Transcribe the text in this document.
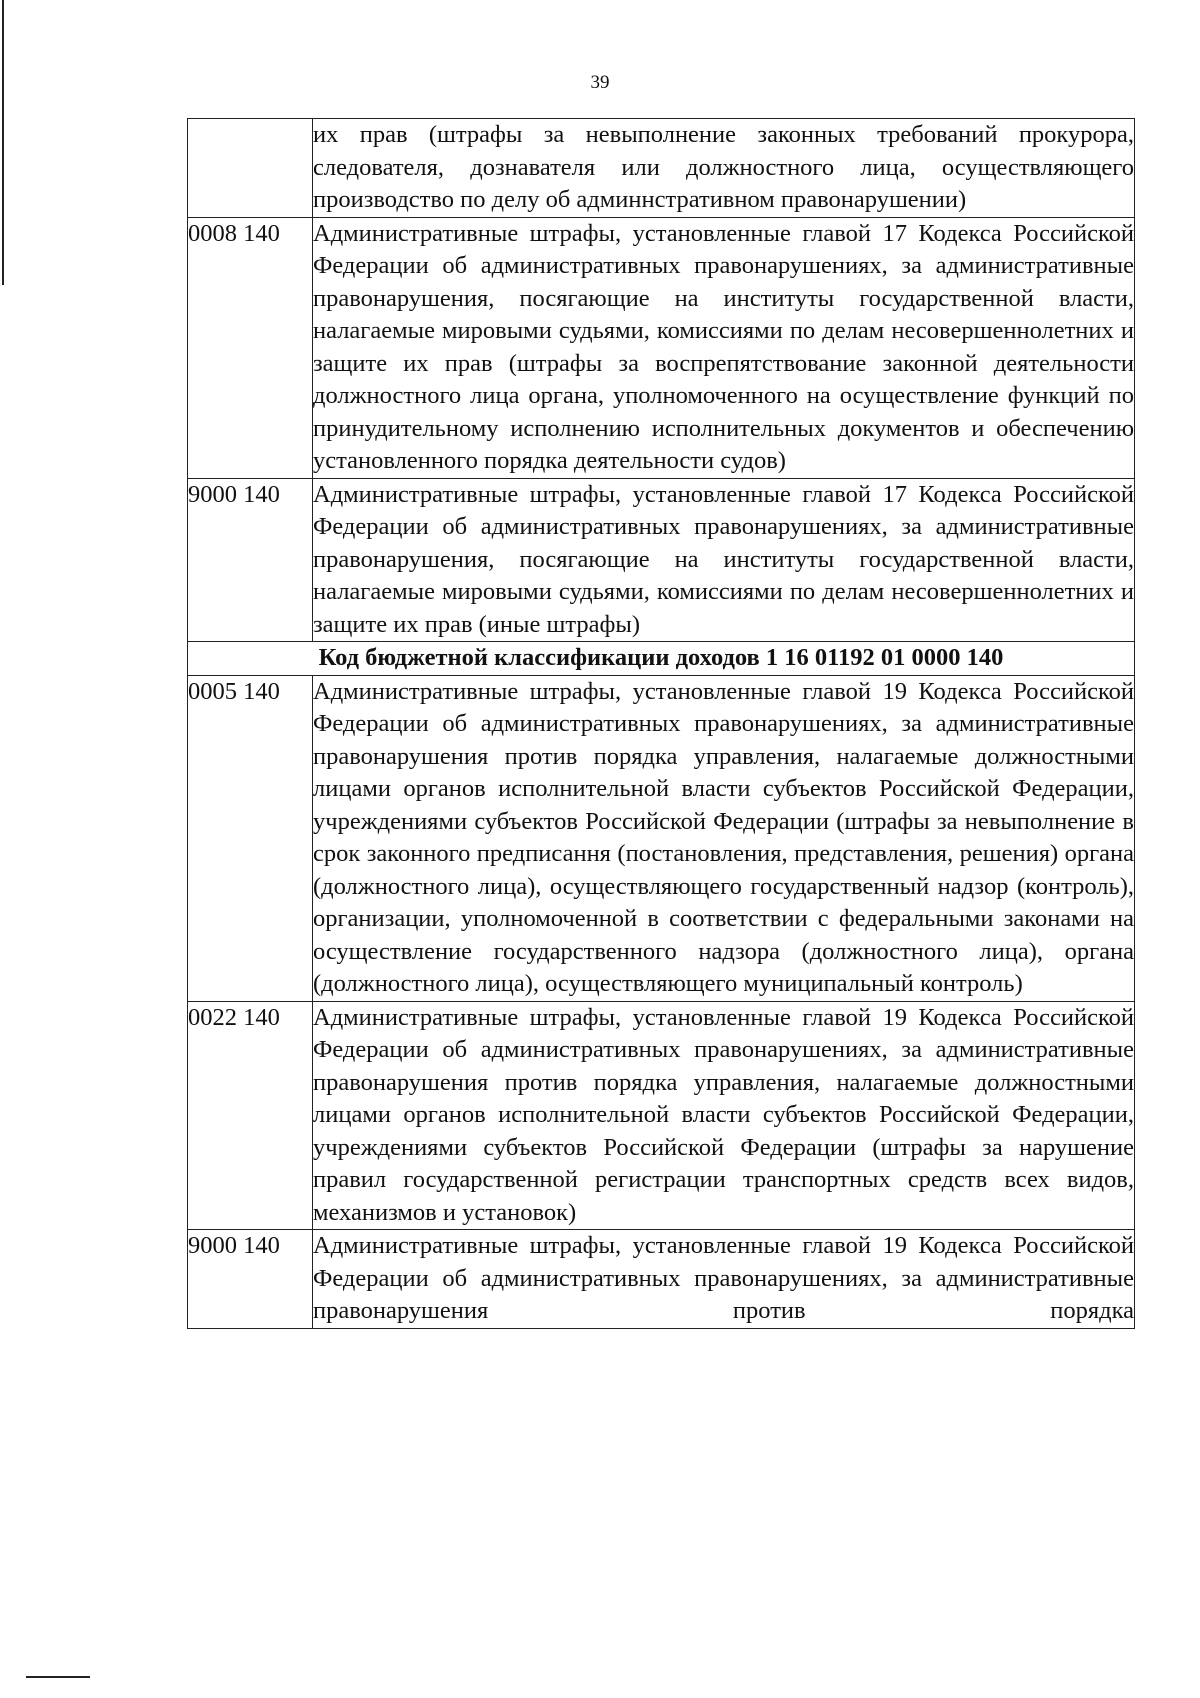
39
	их прав (штрафы за невыполнение законных требований прокурора, следователя, дознавателя или должностного лица, осуществляющего производство по делу об админнстративном правонарушении)
0008 140	Административные штрафы, установленные главой 17 Кодекса Российской Федерации об административных правонарушениях, за административные правонарушения, посягающие на институты государственной власти, налагаемые мировыми судьями, комиссиями по делам несовершеннолетних и защите их прав (штрафы за воспрепятствование законной деятельности должностного лица органа, уполномоченного на осуществление функций по принудительному исполнению исполнительных документов и обеспечению установленного порядка деятельности судов)
9000 140	Административные штрафы, установленные главой 17 Кодекса Российской Федерации об административных правонарушениях, за административные правонарушения, посягающие на институты государственной власти, налагаемые мировыми судьями, комиссиями по делам несовершеннолетних и защите их прав (иные штрафы)
Код бюджетной классификации доходов 1 16 01192 01 0000 140	
0005 140	Административные штрафы, установленные главой 19 Кодекса Российской Федерации об административных правонарушениях, за административные правонарушения против порядка управления, налагаемые должностными лицами органов исполнительной власти субъектов Российской Федерации, учреждениями субъектов Российской Федерации (штрафы за невыполнение в срок законного предписання (постановления, представления, решения) органа (должностного лица), осуществляющего государственный надзор (контроль), организации, уполномоченной в соответствии с федеральными законами на осуществление государственного надзора (должностного лица), органа (должностного лица), осуществляющего муниципальный контроль)
0022 140	Административные штрафы, установленные главой 19 Кодекса Российской Федерации об административных правонарушениях, за административные правонарушения против порядка управления, налагаемые должностными лицами органов исполнительной власти субъектов Российской Федерации, учреждениями субъектов Российской Федерации (штрафы за нарушение правил государственной регистрации транспортных средств всех видов, механизмов и установок)
9000 140	Административные штрафы, установленные главой 19 Кодекса Российской Федерации об административных правонарушениях, за административные правонарушения против порядка
